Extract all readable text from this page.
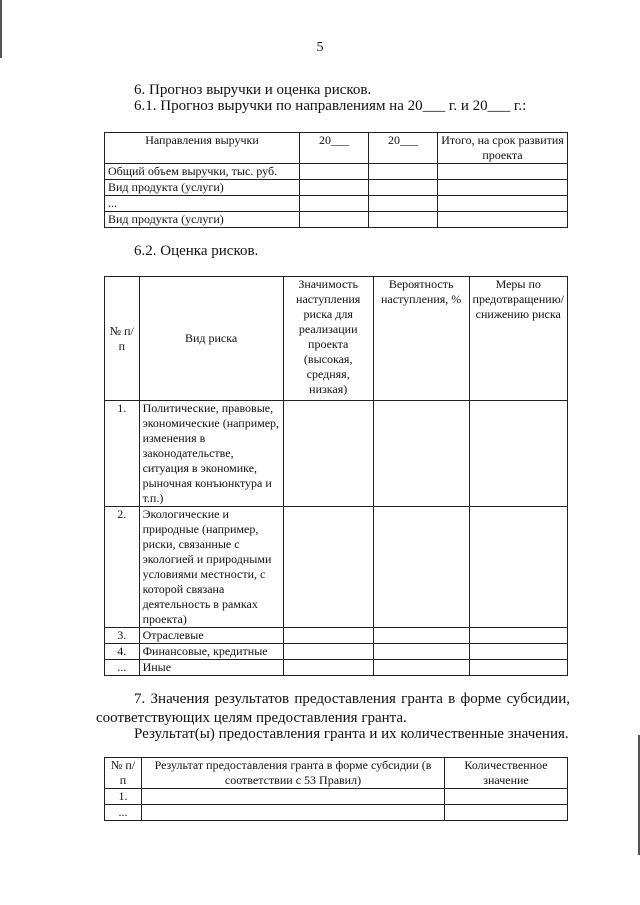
5
6. Прогноз выручки и оценка рисков.
6.1. Прогноз выручки по направлениям на 20___ г. и 20___ г.:
Направления выручки	20___	20___	Итого, на срок развития проекта
Общий объем выручки, тыс. руб.			
Вид продукта (услуги)			
...			
Вид продукта (услуги)			
6.2. Оценка рисков.
№ п/п	Вид риска	Значимость наступления риска для реализации проекта (высокая, средняя, низкая)	Вероятность наступления, %	Меры по предотвращению/ снижению риска
1.	Политические, правовые, экономические (например, изменения в законодательстве, ситуация в экономике, рыночная конъюнктура и т.п.)			
2.	Экологические и природные (например, риски, связанные с экологией и природными условиями местности, с которой связана деятельность в рамках проекта)			
3.	Отраслевые			
4.	Финансовые, кредитные			
...	Иные			
7. Значения результатов предоставления гранта в форме субсидии, соответствующих целям предоставления гранта.
Результат(ы) предоставления гранта и их количественные значения.
№ п/п	Результат предоставления гранта в форме субсидии (в соответствии с 53 Правил)	Количественное значение
1.		
...		
